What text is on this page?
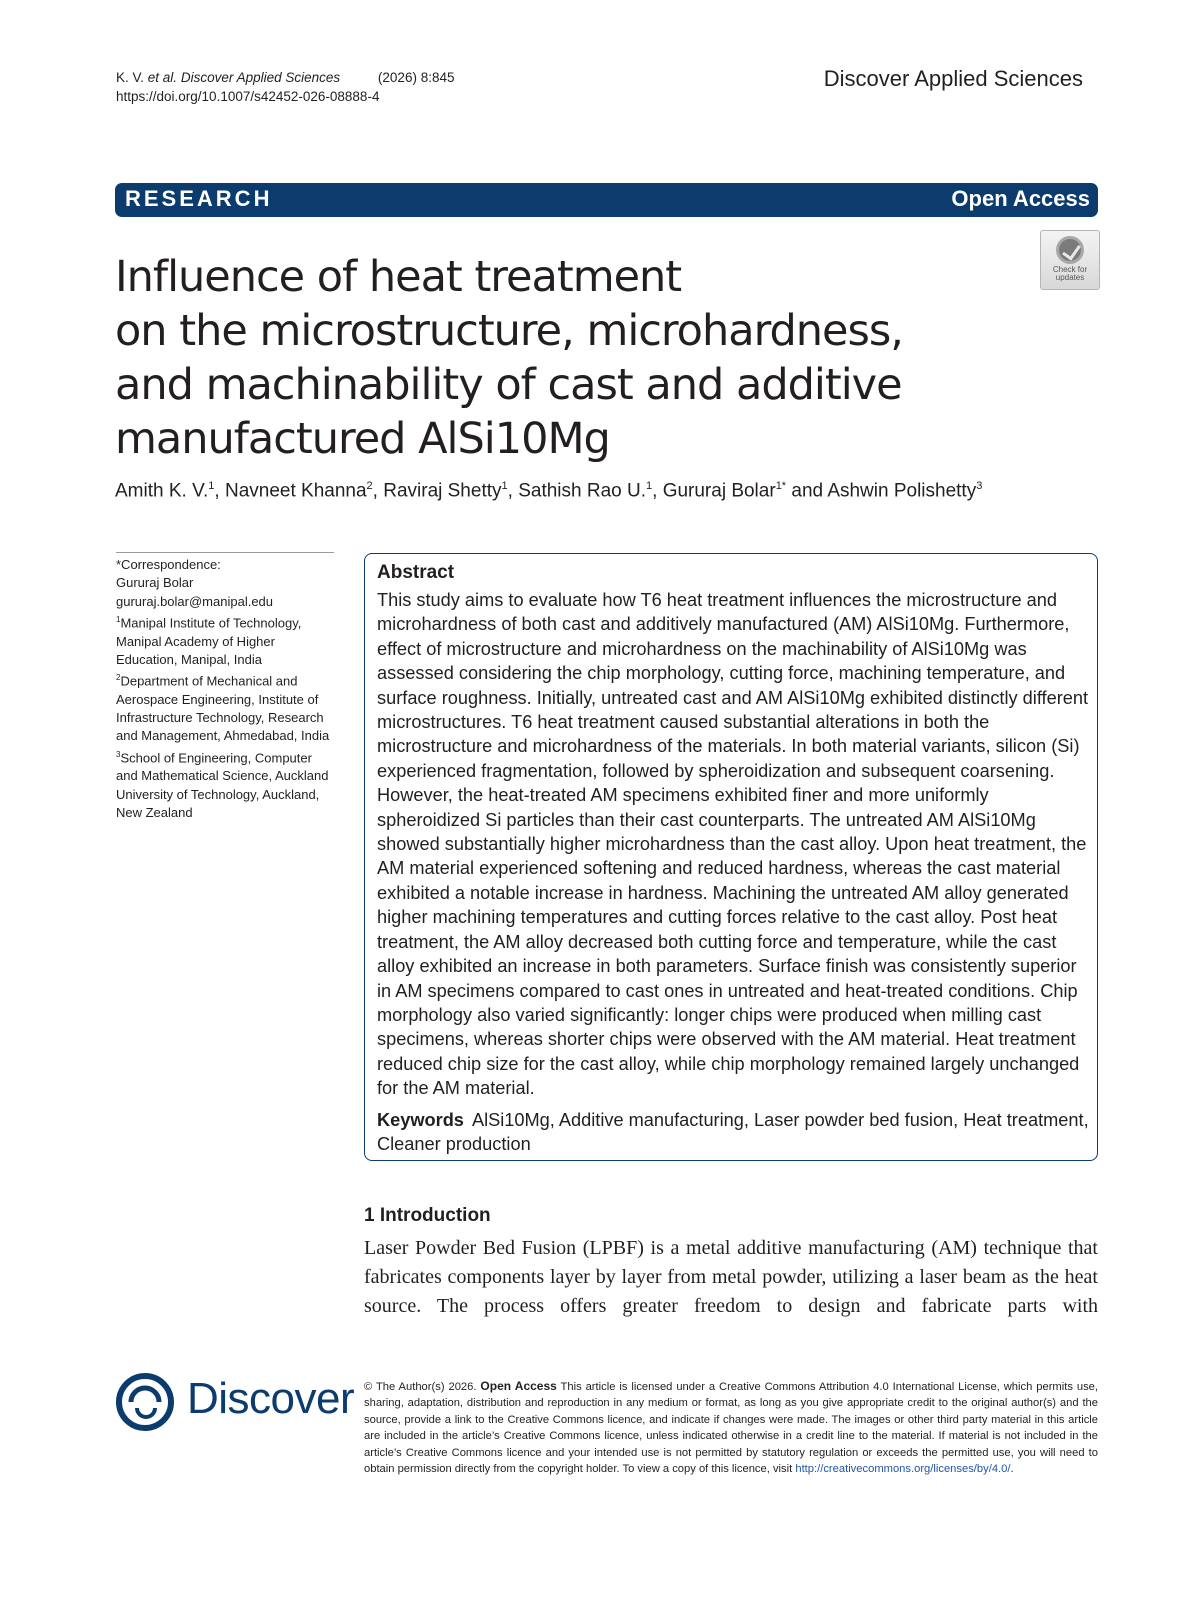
K. V. et al. Discover Applied Sciences	(2026) 8:845
https://doi.org/10.1007/s42452-026-08888-4
Discover Applied Sciences
RESEARCH	Open Access
Check for
updates
Influence of heat treatment
on the microstructure, microhardness,
and machinability of cast and additive
manufactured AlSi10Mg
Amith K. V.$^1$, Navneet Khanna$^2$, Raviraj Shetty$^1$, Sathish Rao U.$^1$, Gururaj Bolar$^{1*}$ and Ashwin Polishetty$^3$
*Correspondence:
Gururaj Bolar
gururaj.bolar@manipal.edu
$^1$Manipal Institute of Technology, Manipal Academy of Higher Education, Manipal, India
$^2$Department of Mechanical and Aerospace Engineering, Institute of Infrastructure Technology, Research and Management, Ahmedabad, India
$^3$School of Engineering, Computer and Mathematical Science, Auckland University of Technology, Auckland, New Zealand
Abstract
This study aims to evaluate how T6 heat treatment influences the microstructure and microhardness of both cast and additively manufactured (AM) AlSi10Mg. Furthermore, effect of microstructure and microhardness on the machinability of AlSi10Mg was assessed considering the chip morphology, cutting force, machining temperature, and surface roughness. Initially, untreated cast and AM AlSi10Mg exhibited distinctly different microstructures. T6 heat treatment caused substantial alterations in both the microstructure and microhardness of the materials. In both material variants, silicon (Si) experienced fragmentation, followed by spheroidization and subsequent coarsening. However, the heat-treated AM specimens exhibited finer and more uniformly spheroidized Si particles than their cast counterparts. The untreated AM AlSi10Mg showed substantially higher microhardness than the cast alloy. Upon heat treatment, the AM material experienced softening and reduced hardness, whereas the cast material exhibited a notable increase in hardness. Machining the untreated AM alloy generated higher machining temperatures and cutting forces relative to the cast alloy. Post heat treatment, the AM alloy decreased both cutting force and temperature, while the cast alloy exhibited an increase in both parameters. Surface finish was consistently superior in AM specimens compared to cast ones in untreated and heat-treated conditions. Chip morphology also varied significantly: longer chips were produced when milling cast specimens, whereas shorter chips were observed with the AM material. Heat treatment reduced chip size for the cast alloy, while chip morphology remained largely unchanged for the AM material.
Keywords AlSi10Mg, Additive manufacturing, Laser powder bed fusion, Heat treatment, Cleaner production
1 Introduction
Laser Powder Bed Fusion (LPBF) is a metal additive manufacturing (AM) technique that fabricates components layer by layer from metal powder, utilizing a laser beam as the heat source. The process offers greater freedom to design and fabricate parts with
Discover © The Author(s) 2026. Open Access This article is licensed under a Creative Commons Attribution 4.0 International License, which permits use, sharing, adaptation, distribution and reproduction in any medium or format, as long as you give appropriate credit to the original author(s) and the source, provide a link to the Creative Commons licence, and indicate if changes were made. The images or other third party material in this article are included in the article’s Creative Commons licence, unless indicated otherwise in a credit line to the material. If material is not included in the article’s Creative Commons licence and your intended use is not permitted by statutory regulation or exceeds the permitted use, you will need to obtain permission directly from the copyright holder. To view a copy of this licence, visit http://creativecommons.org/licenses/by/4.0/.
